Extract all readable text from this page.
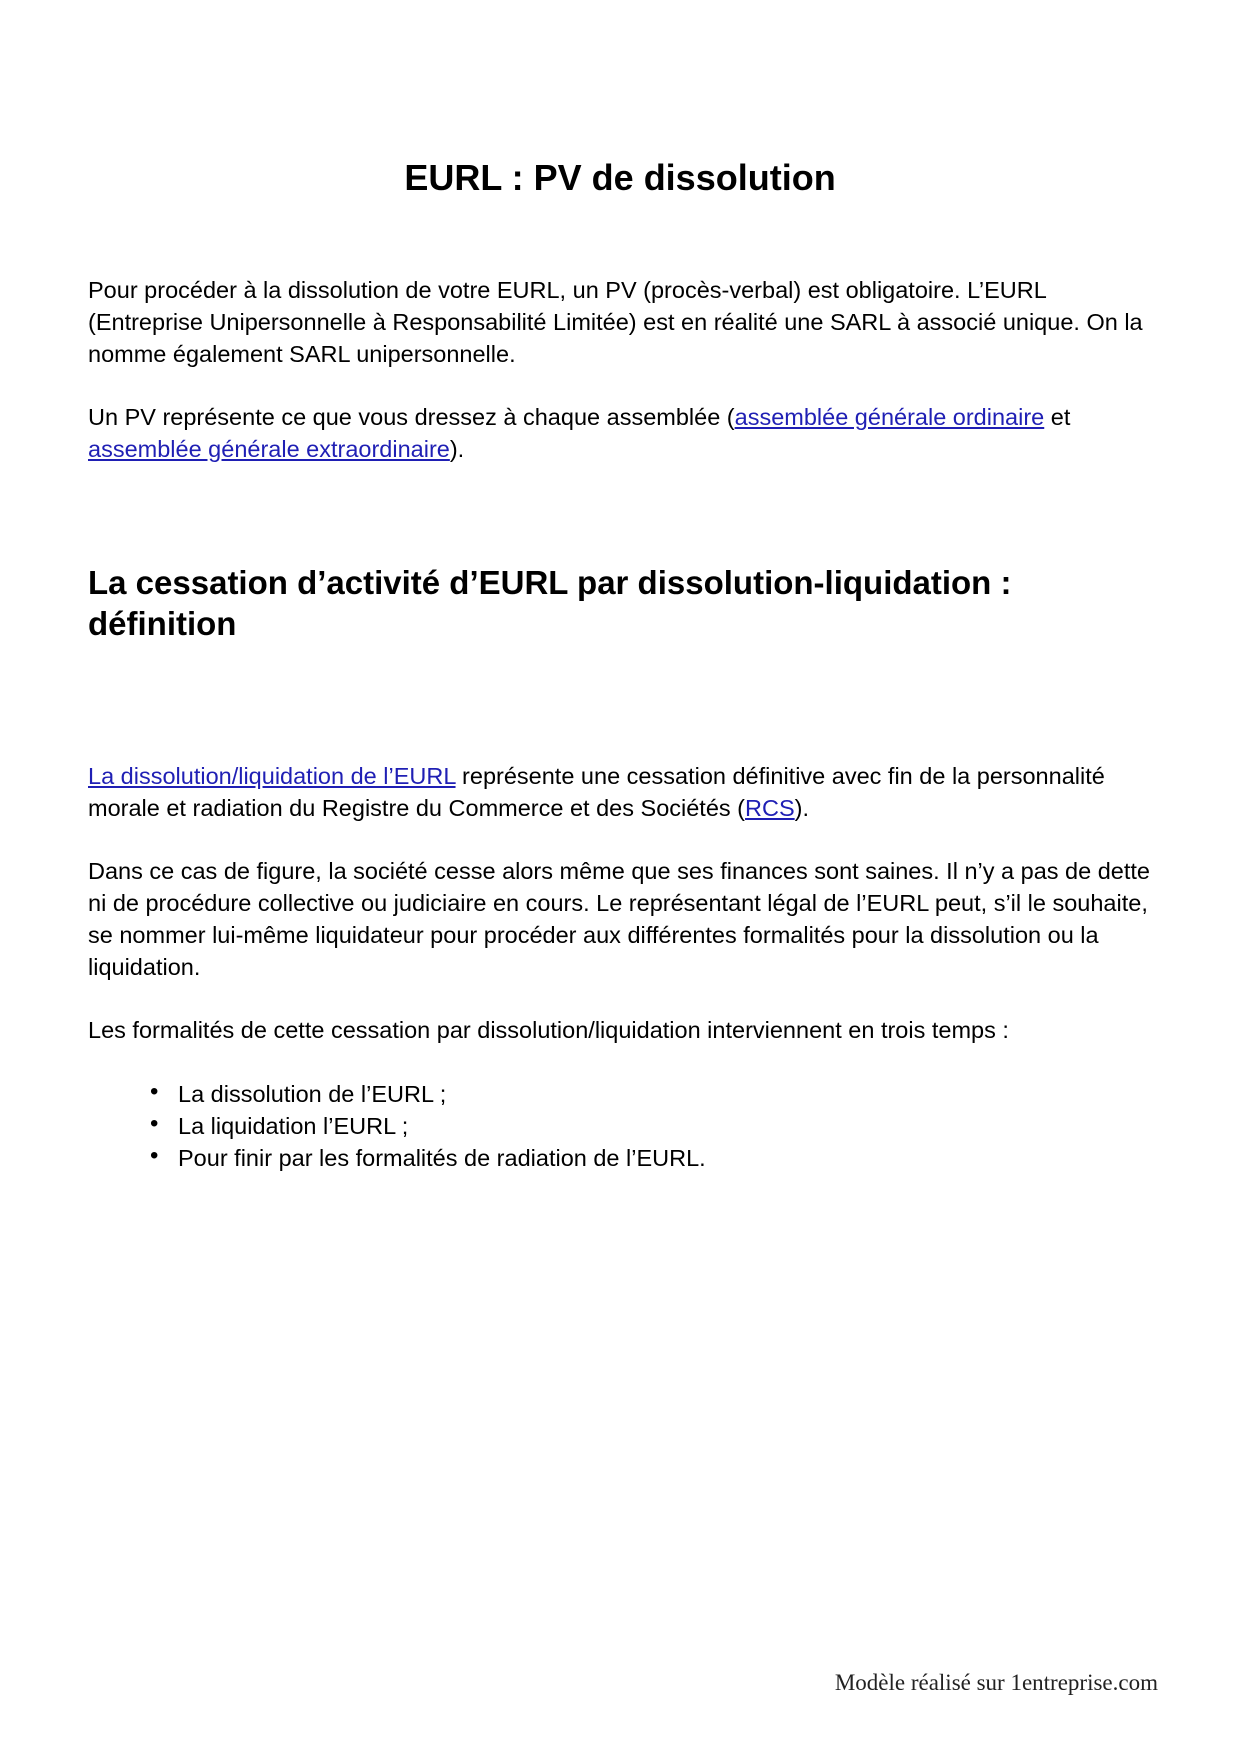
EURL : PV de dissolution

Pour procéder à la dissolution de votre EURL, un PV (procès-verbal) est obligatoire. L’EURL (Entreprise Unipersonnelle à Responsabilité Limitée) est en réalité une SARL à associé unique. On la nomme également SARL unipersonnelle.

Un PV représente ce que vous dressez à chaque assemblée (assemblée générale ordinaire et assemblée générale extraordinaire).

La cessation d’activité d’EURL par dissolution-liquidation : définition

La dissolution/liquidation de l’EURL représente une cessation définitive avec fin de la personnalité morale et radiation du Registre du Commerce et des Sociétés (RCS).

Dans ce cas de figure, la société cesse alors même que ses finances sont saines. Il n’y a pas de dette ni de procédure collective ou judiciaire en cours. Le représentant légal de l’EURL peut, s’il le souhaite, se nommer lui-même liquidateur pour procéder aux différentes formalités pour la dissolution ou la liquidation.

Les formalités de cette cessation par dissolution/liquidation interviennent en trois temps :

• La dissolution de l’EURL ;
• La liquidation l’EURL ;
• Pour finir par les formalités de radiation de l’EURL.
Modèle réalisé sur 1entreprise.com
